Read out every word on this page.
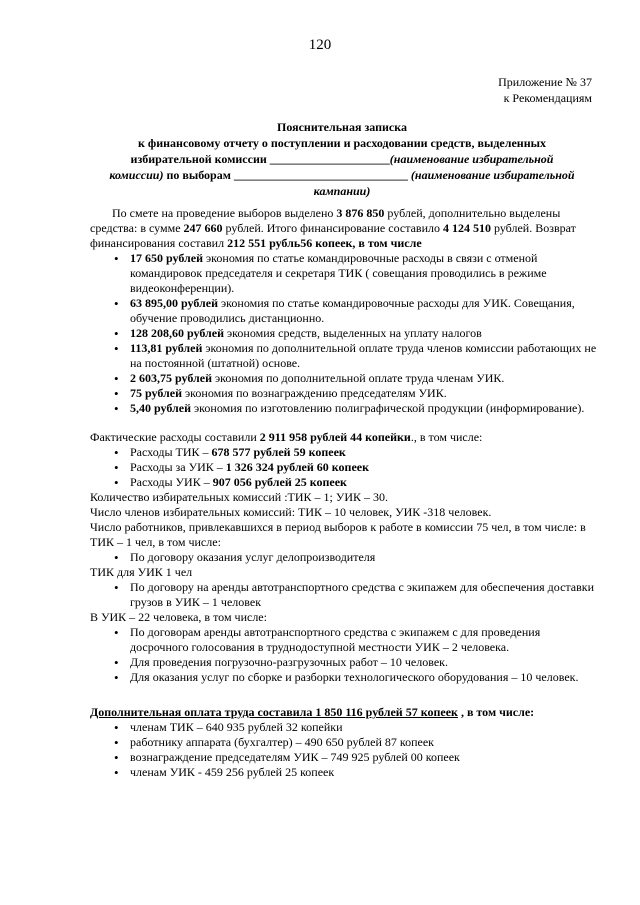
120
Приложение № 37
к Рекомендациям
Пояснительная записка
к финансовому отчету о поступлении и расходовании средств, выделенных
избирательной комиссии ____________________(наименование избирательной
комиссии) по выборам _____________________________ (наименование избирательной
кампании)

По смете на проведение выборов выделено 3 876 850 рублей, дополнительно выделены средства: в сумме 247 660 рублей. Итого финансирование составило 4 124 510 рублей. Возврат финансирования составил 212 551 рубль56 копеек, в том числе

• 17 650 рублей экономия по статье командировочные расходы в связи с отменой командировок председателя и секретаря ТИК ( совещания проводились в режиме видеоконференции).
• 63 895,00 рублей экономия по статье командировочные расходы для УИК. Совещания, обучение проводились дистанционно.
• 128 208,60 рублей экономия средств, выделенных на уплату налогов
• 113,81 рублей экономия по дополнительной оплате труда членов комиссии работающих не на постоянной (штатной) основе.
• 2 603,75 рублей экономия по дополнительной оплате труда членам УИК.
• 75 рублей экономия по вознаграждению председателям УИК.
• 5,40 рублей экономия по изготовлению полиграфической продукции (информирование).

Фактические расходы составили 2 911 958 рублей 44 копейки., в том числе:

• Расходы ТИК – 678 577 рублей 59 копеек
• Расходы за УИК – 1 326 324 рублей 60 копеек
• Расходы УИК – 907 056 рублей 25 копеек

Количество избирательных комиссий :ТИК – 1; УИК – 30.

Число членов избирательных комиссий: ТИК – 10 человек, УИК -318 человек.

Число работников, привлекавшихся в период выборов к работе в комиссии 75 чел, в том числе: в ТИК – 1 чел, в том числе:

• По договору оказания услуг делопроизводителя

ТИК для УИК 1 чел

• По договору на аренды автотранспортного средства с экипажем для обеспечения доставки грузов в УИК – 1 человек

В УИК – 22 человека, в том числе:

• По договорам аренды автотранспортного средства с экипажем с для проведения досрочного голосования в труднодоступной местности УИК – 2 человека.
• Для проведения погрузочно-разгрузочных работ – 10 человек.
• Для оказания услуг по сборке и разборки технологического оборудования – 10 человек.

Дополнительная оплата труда составила 1 850 116 рублей 57 копеек , в том числе:

• членам ТИК – 640 935 рублей 32 копейки
• работнику аппарата (бухгалтер) – 490 650 рублей 87 копеек
• вознаграждение председателям УИК – 749 925 рублей 00 копеек
• членам УИК - 459 256 рублей 25 копеек
